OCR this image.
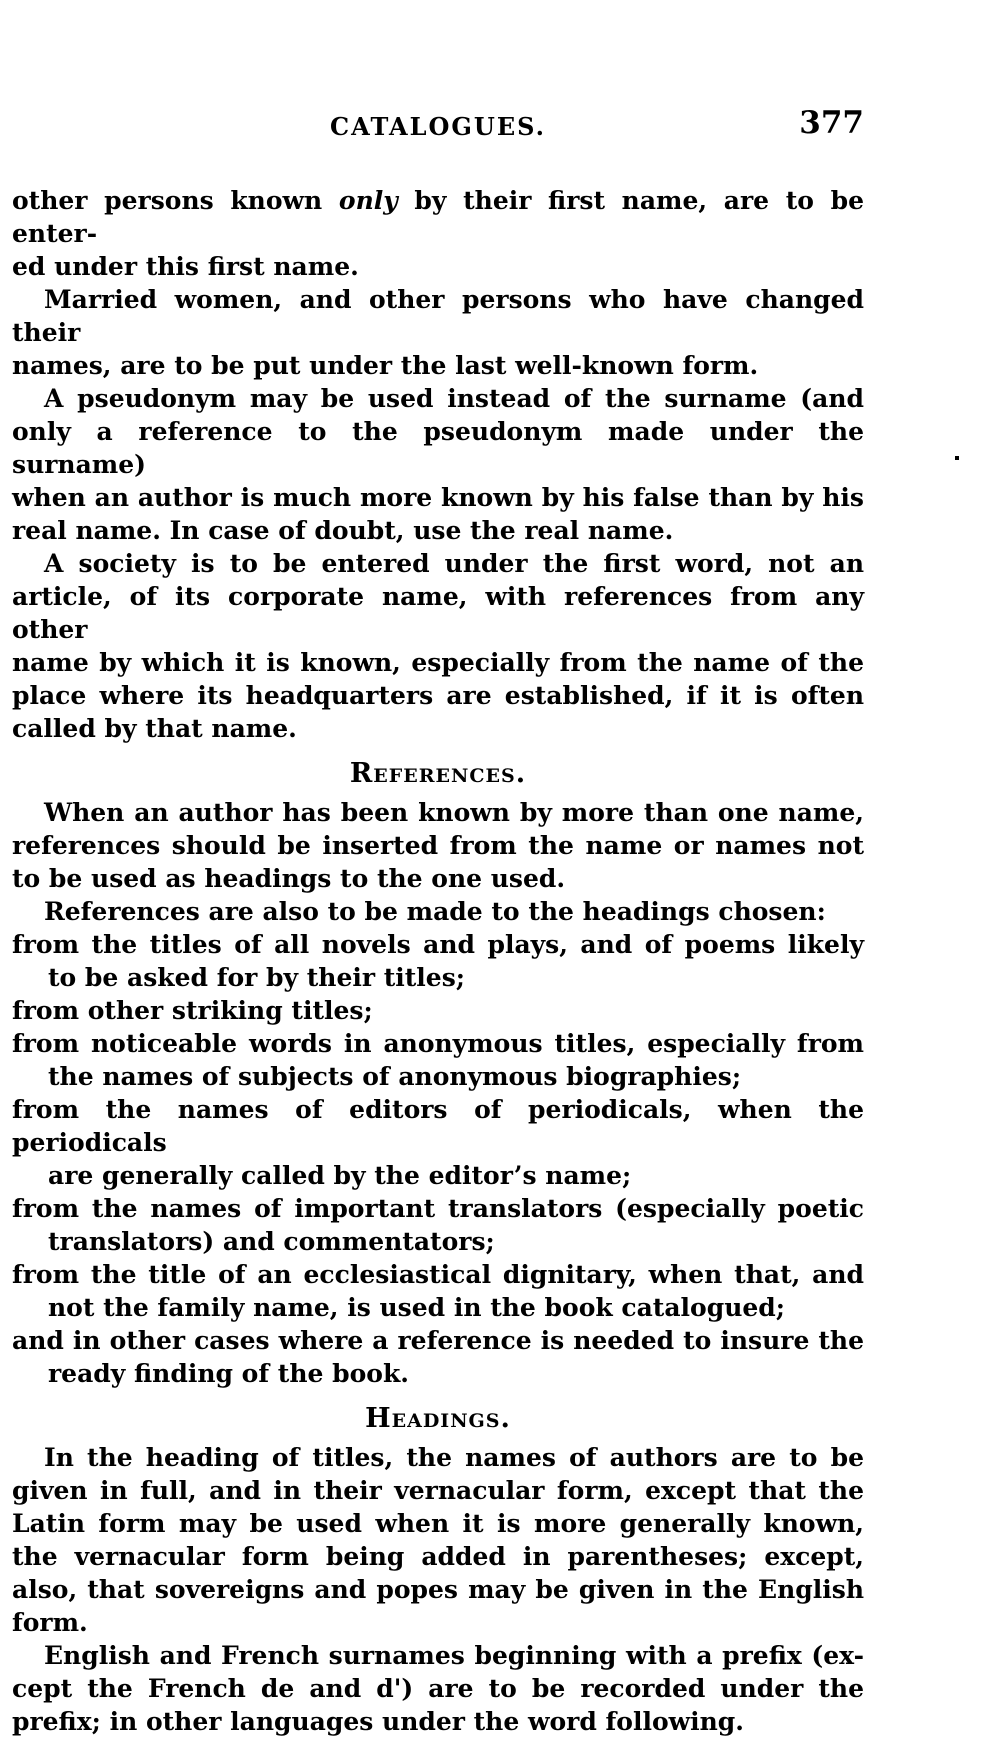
CATALOGUES.	377
other persons known only by their first name, are to be enter-
ed under this first name.
Married women, and other persons who have changed their
names, are to be put under the last well-known form.
A pseudonym may be used instead of the surname (and
only a reference to the pseudonym made under the surname)
when an author is much more known by his false than by his
real name. In case of doubt, use the real name.
A society is to be entered under the first word, not an
article, of its corporate name, with references from any other
name by which it is known, especially from the name of the
place where its headquarters are established, if it is often
called by that name.
References.
When an author has been known by more than one name,
references should be inserted from the name or names not
to be used as headings to the one used.
References are also to be made to the headings chosen:
from the titles of all novels and plays, and of poems likely
to be asked for by their titles;
from other striking titles;
from noticeable words in anonymous titles, especially from
the names of subjects of anonymous biographies;
from the names of editors of periodicals, when the periodicals
are generally called by the editor’s name;
from the names of important translators (especially poetic
translators) and commentators;
from the title of an ecclesiastical dignitary, when that, and
not the family name, is used in the book catalogued;
and in other cases where a reference is needed to insure the
ready finding of the book.
Headings.
In the heading of titles, the names of authors are to be
given in full, and in their vernacular form, except that the
Latin form may be used when it is more generally known,
the vernacular form being added in parentheses; except,
also, that sovereigns and popes may be given in the English
form.
English and French surnames beginning with a prefix (ex-
cept the French de and d') are to be recorded under the
prefix; in other languages under the word following.
